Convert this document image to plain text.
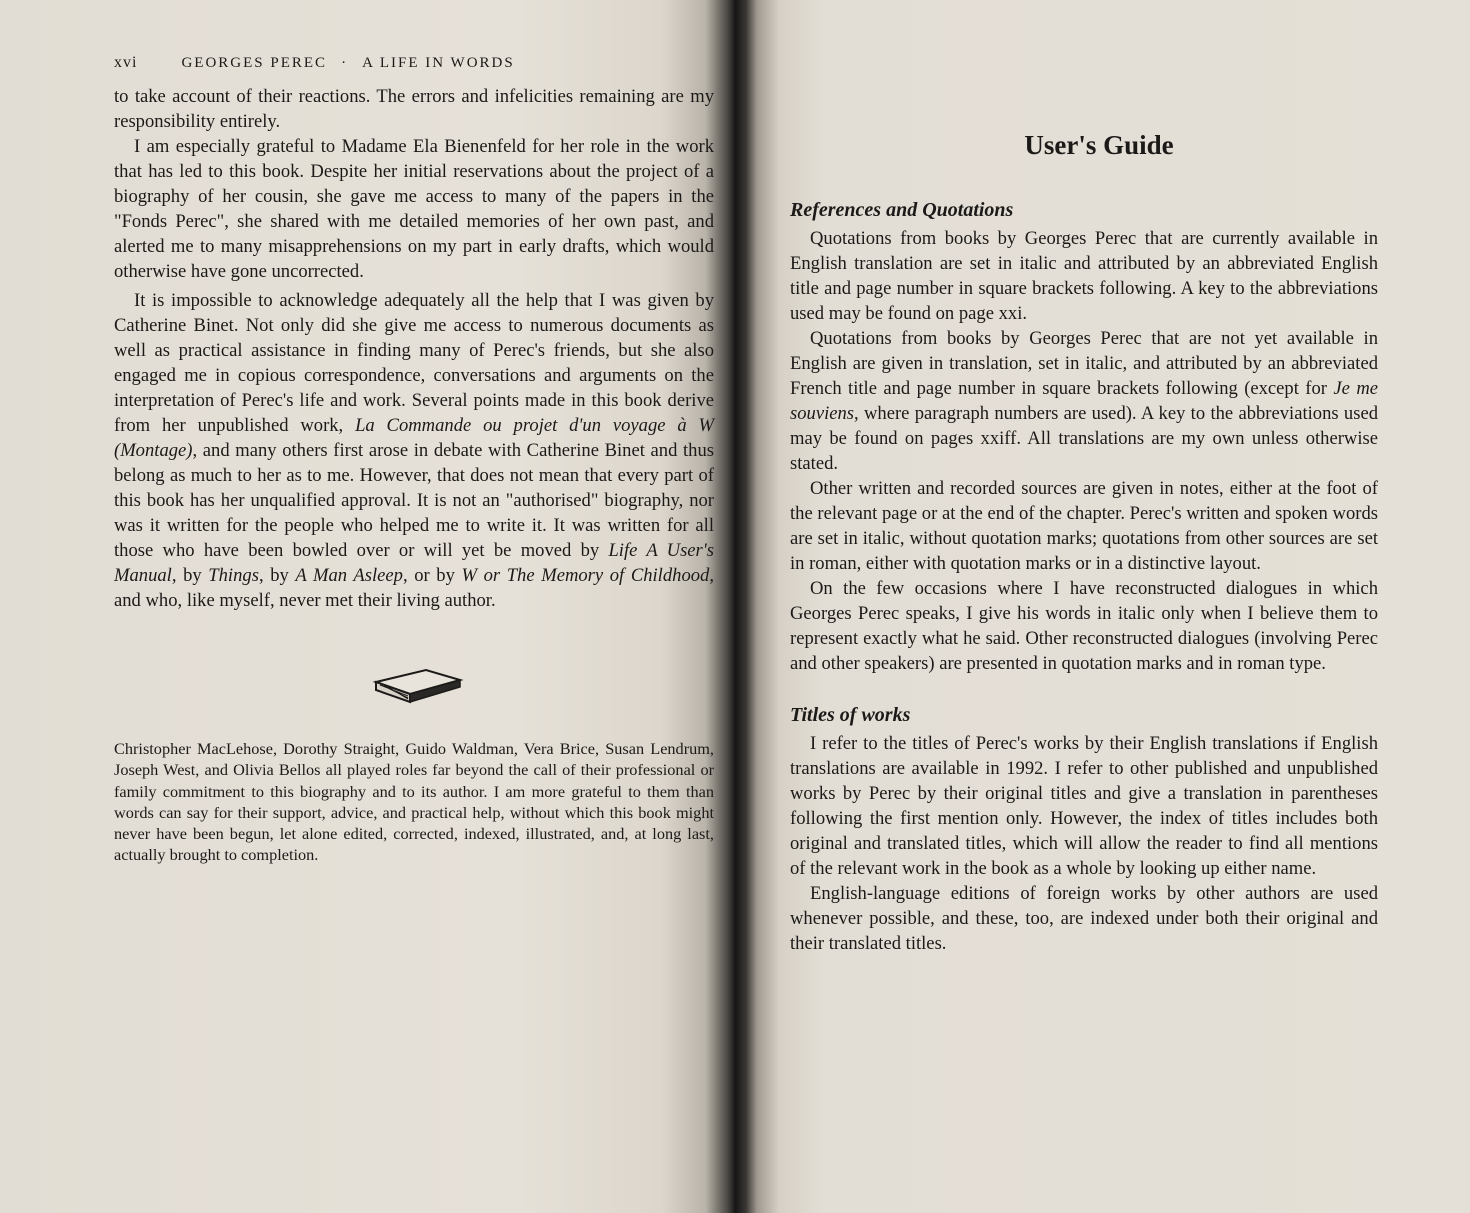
xvi	GEORGES PEREC · A LIFE IN WORDS

to take account of their reactions. The errors and infelicities remaining are my responsibility entirely.

I am especially grateful to Madame Ela Bienenfeld for her role in the work that has led to this book. Despite her initial reservations about the project of a biography of her cousin, she gave me access to many of the papers in the "Fonds Perec", she shared with me detailed memories of her own past, and alerted me to many misapprehensions on my part in early drafts, which would otherwise have gone uncorrected.

It is impossible to acknowledge adequately all the help that I was given by Catherine Binet. Not only did she give me access to numerous documents as well as practical assistance in finding many of Perec's friends, but she also engaged me in copious correspondence, conversations and arguments on the interpretation of Perec's life and work. Several points made in this book derive from her unpublished work, La Commande ou projet d'un voyage à W (Montage), and many others first arose in debate with Catherine Binet and thus belong as much to her as to me. However, that does not mean that every part of this book has her unqualified approval. It is not an "authorised" biography, nor was it written for the people who helped me to write it. It was written for all those who have been bowled over or will yet be moved by Life A User's Manual, by Things, by A Man Asleep, or by W or The Memory of Childhood, and who, like myself, never met their living author.

Christopher MacLehose, Dorothy Straight, Guido Waldman, Vera Brice, Susan Lendrum, Joseph West, and Olivia Bellos all played roles far beyond the call of their professional or family commitment to this biography and to its author. I am more grateful to them than words can say for their support, advice, and practical help, without which this book might never have been begun, let alone edited, corrected, indexed, illustrated, and, at long last, actually brought to completion.

User's Guide
References and Quotations

Quotations from books by Georges Perec that are currently available in English translation are set in italic and attributed by an abbreviated English title and page number in square brackets following. A key to the abbreviations used may be found on page xxi.

Quotations from books by Georges Perec that are not yet available in English are given in translation, set in italic, and attributed by an abbreviated French title and page number in square brackets following (except for Je me souviens, where paragraph numbers are used). A key to the abbreviations used may be found on pages xxiff. All translations are my own unless otherwise stated.

Other written and recorded sources are given in notes, either at the foot of the relevant page or at the end of the chapter. Perec's written and spoken words are set in italic, without quotation marks; quotations from other sources are set in roman, either with quotation marks or in a distinctive layout.

On the few occasions where I have reconstructed dialogues in which Georges Perec speaks, I give his words in italic only when I believe them to represent exactly what he said. Other reconstructed dialogues (involving Perec and other speakers) are presented in quotation marks and in roman type.

Titles of works

I refer to the titles of Perec's works by their English translations if English translations are available in 1992. I refer to other published and unpublished works by Perec by their original titles and give a translation in parentheses following the first mention only. However, the index of titles includes both original and translated titles, which will allow the reader to find all mentions of the relevant work in the book as a whole by looking up either name.

English-language editions of foreign works by other authors are used whenever possible, and these, too, are indexed under both their original and their translated titles.
